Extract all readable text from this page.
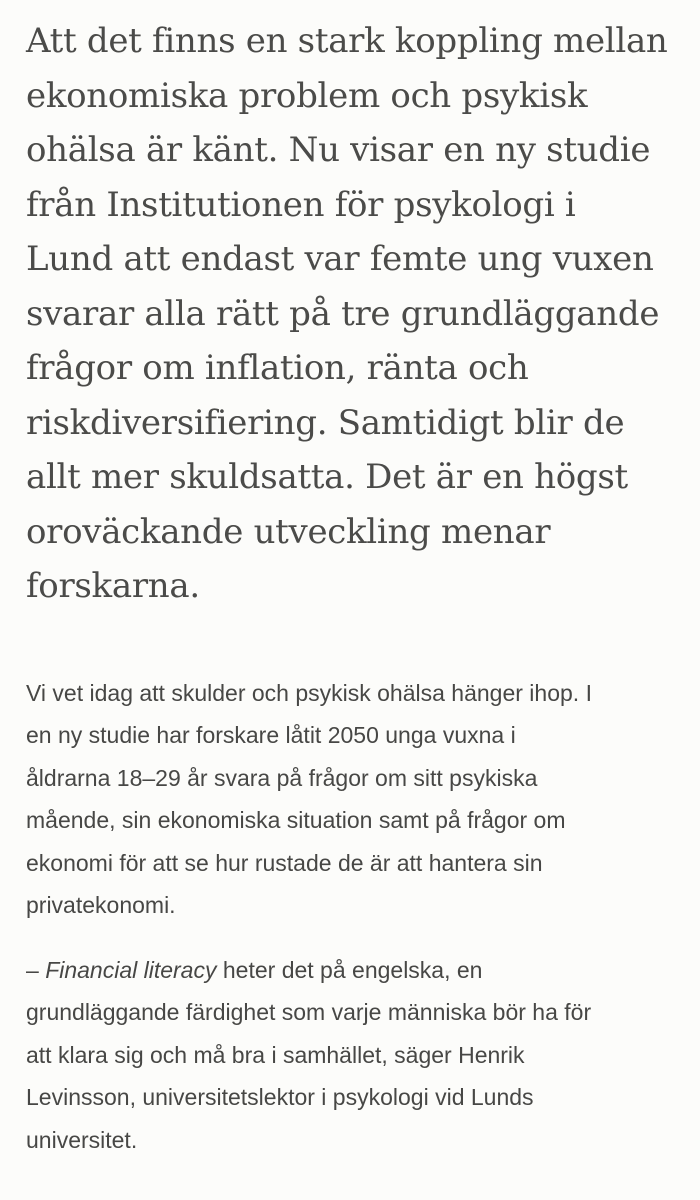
Att det finns en stark koppling mellan
ekonomiska problem och psykisk
ohälsa är känt. Nu visar en ny studie
från Institutionen för psykologi i
Lund att endast var femte ung vuxen
svarar alla rätt på tre grundläggande
frågor om inflation, ränta och
riskdiversifiering. Samtidigt blir de
allt mer skuldsatta. Det är en högst
oroväckande utveckling menar
forskarna.

Vi vet idag att skulder och psykisk ohälsa hänger ihop. I
en ny studie har forskare låtit 2050 unga vuxna i
åldrarna 18–29 år svara på frågor om sitt psykiska
mående, sin ekonomiska situation samt på frågor om
ekonomi för att se hur rustade de är att hantera sin
privatekonomi.

– Financial literacy heter det på engelska, en
grundläggande färdighet som varje människa bör ha för
att klara sig och må bra i samhället, säger Henrik
Levinsson, universitetslektor i psykologi vid Lunds
universitet.
